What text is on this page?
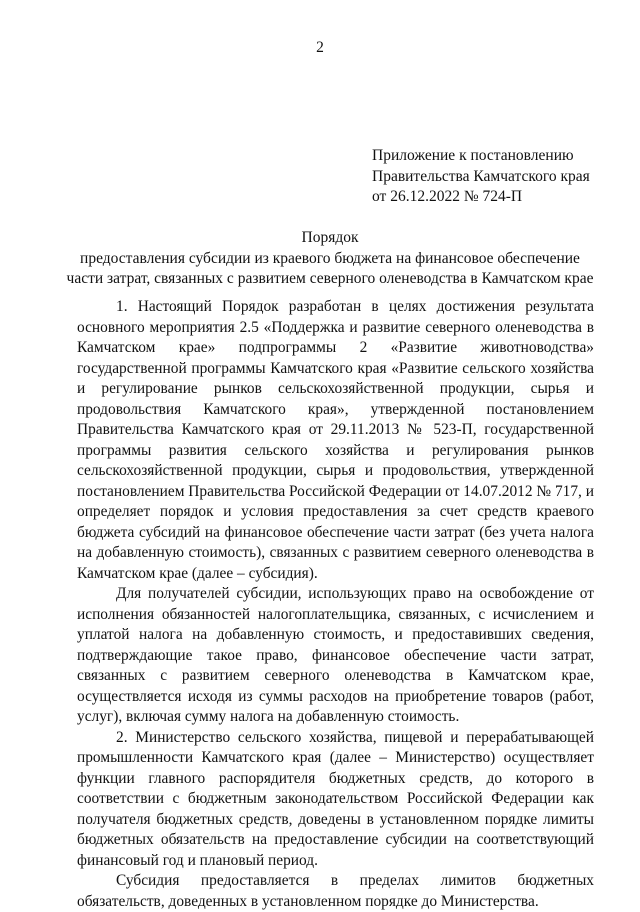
2
Приложение к постановлению
Правительства Камчатского края
от 26.12.2022 № 724-П
Порядок
предоставления субсидии из краевого бюджета на финансовое обеспечение
части затрат, связанных с развитием северного оленеводства в Камчатском крае

1. Настоящий Порядок разработан в целях достижения результата основного мероприятия 2.5 «Поддержка и развитие северного оленеводства в Камчатском крае» подпрограммы 2 «Развитие животноводства» государственной программы Камчатского края «Развитие сельского хозяйства и регулирование рынков сельскохозяйственной продукции, сырья и продовольствия Камчатского края», утвержденной постановлением Правительства Камчатского края от 29.11.2013 № 523-П, государственной программы развития сельского хозяйства и регулирования рынков сельскохозяйственной продукции, сырья и продовольствия, утвержденной постановлением Правительства Российской Федерации от 14.07.2012 № 717, и определяет порядок и условия предоставления за счет средств краевого бюджета субсидий на финансовое обеспечение части затрат (без учета налога на добавленную стоимость), связанных с развитием северного оленеводства в Камчатском крае (далее – субсидия).

Для получателей субсидии, использующих право на освобождение от исполнения обязанностей налогоплательщика, связанных, с исчислением и уплатой налога на добавленную стоимость, и предоставивших сведения, подтверждающие такое право, финансовое обеспечение части затрат, связанных с развитием северного оленеводства в Камчатском крае, осуществляется исходя из суммы расходов на приобретение товаров (работ, услуг), включая сумму налога на добавленную стоимость.

2. Министерство сельского хозяйства, пищевой и перерабатывающей промышленности Камчатского края (далее – Министерство) осуществляет функции главного распорядителя бюджетных средств, до которого в соответствии с бюджетным законодательством Российской Федерации как получателя бюджетных средств, доведены в установленном порядке лимиты бюджетных обязательств на предоставление субсидии на соответствующий финансовый год и плановый период.

Субсидия предоставляется в пределах лимитов бюджетных обязательств, доведенных в установленном порядке до Министерства.
